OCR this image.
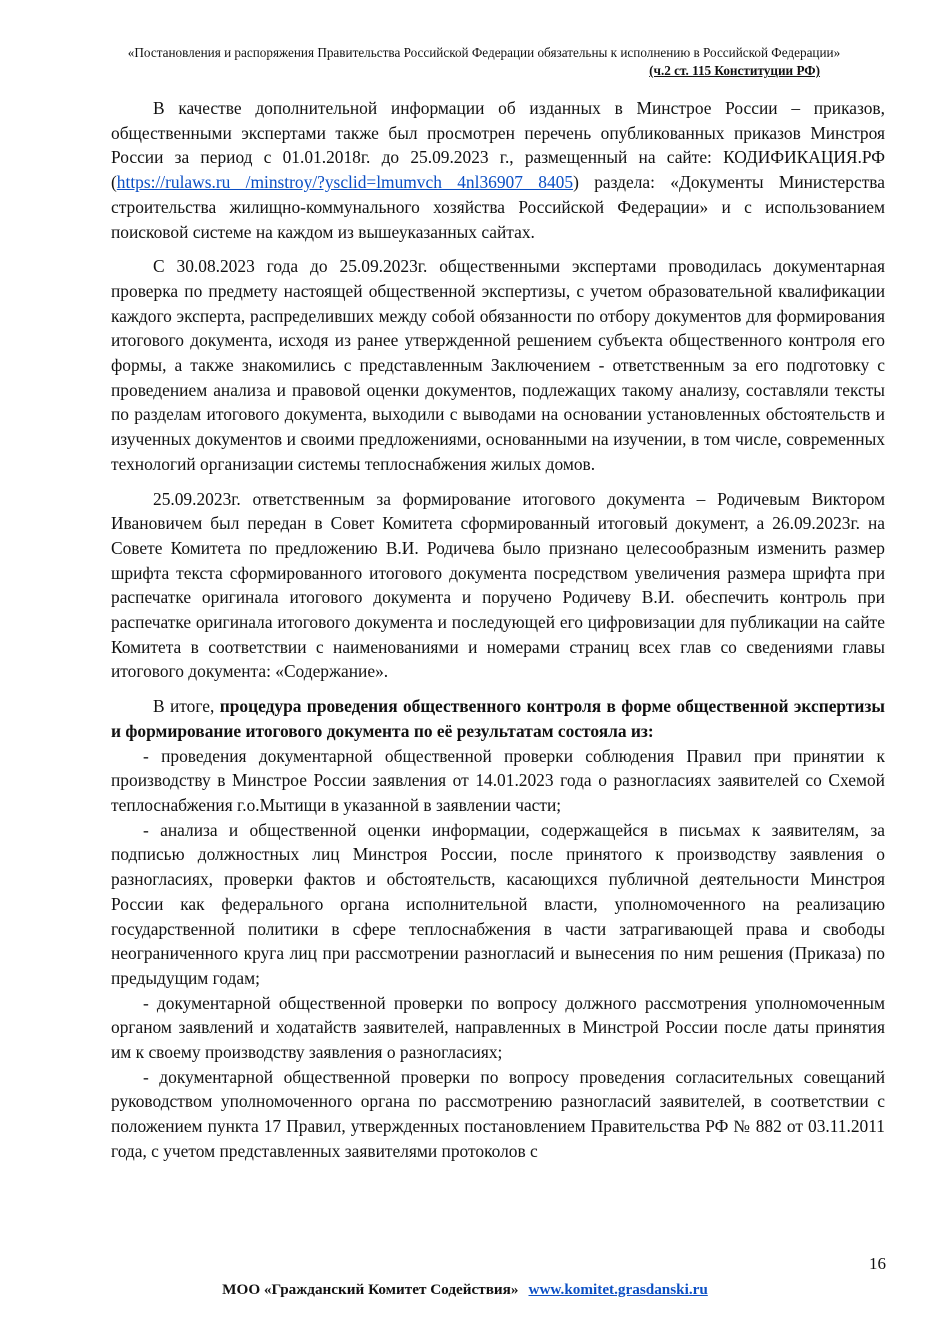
«Постановления и распоряжения Правительства Российской Федерации обязательны к исполнению в Российской Федерации»
(ч.2 ст. 115 Конституции РФ)

В качестве дополнительной информации об изданных в Минстрое России – приказов, общественными экспертами также был просмотрен перечень опубликованных приказов Минстроя России за период с 01.01.2018г. до 25.09.2023 г., размещенный на сайте: КОДИФИКАЦИЯ.РФ (https://rulaws.ru /minstroy/?ysclid=lmumvch 4nl36907 8405) раздела: «Документы Министерства строительства жилищно-коммунального хозяйства Российской Федерации» и с использованием поисковой системе на каждом из вышеуказанных сайтах.

С 30.08.2023 года до 25.09.2023г. общественными экспертами проводилась документарная проверка по предмету настоящей общественной экспертизы, с учетом образовательной квалификации каждого эксперта, распределивших между собой обязанности по отбору документов для формирования итогового документа, исходя из ранее утвержденной решением субъекта общественного контроля его формы, а также знакомились с представленным Заключением - ответственным за его подготовку с проведением анализа и правовой оценки документов, подлежащих такому анализу, составляли тексты по разделам итогового документа, выходили с выводами на основании установленных обстоятельств и изученных документов и своими предложениями, основанными на изучении, в том числе, современных технологий организации системы теплоснабжения жилых домов.

25.09.2023г. ответственным за формирование итогового документа – Родичевым Виктором Ивановичем был передан в Совет Комитета сформированный итоговый документ, а 26.09.2023г. на Совете Комитета по предложению В.И. Родичева было признано целесообразным изменить размер шрифта текста сформированного итогового документа посредством увеличения размера шрифта при распечатке оригинала итогового документа и поручено Родичеву В.И. обеспечить контроль при распечатке оригинала итогового документа и последующей его цифровизации для публикации на сайте Комитета в соответствии с наименованиями и номерами страниц всех глав со сведениями главы итогового документа: «Содержание».

В итоге, процедура проведения общественного контроля в форме общественной экспертизы и формирование итогового документа по её результатам состояла из:

- проведения документарной общественной проверки соблюдения Правил при принятии к производству в Минстрое России заявления от 14.01.2023 года о разногласиях заявителей со Схемой теплоснабжения г.о.Мытищи в указанной в заявлении части;

- анализа и общественной оценки информации, содержащейся в письмах к заявителям, за подписью должностных лиц Минстроя России, после принятого к производству заявления о разногласиях, проверки фактов и обстоятельств, касающихся публичной деятельности Минстроя России как федерального органа исполнительной власти, уполномоченного на реализацию государственной политики в сфере теплоснабжения в части затрагивающей права и свободы неограниченного круга лиц при рассмотрении разногласий и вынесения по ним решения (Приказа) по предыдущим годам;

- документарной общественной проверки по вопросу должного рассмотрения уполномоченным органом заявлений и ходатайств заявителей, направленных в Минстрой России после даты принятия им к своему производству заявления о разногласиях;

- документарной общественной проверки по вопросу проведения согласительных совещаний руководством уполномоченного органа по рассмотрению разногласий заявителей, в соответствии с положением пункта 17 Правил, утвержденных постановлением Правительства РФ № 882 от 03.11.2011 года, с учетом представленных заявителями протоколов с

16
МОО «Гражданский Комитет Содействия» www.komitet.grasdanski.ru
